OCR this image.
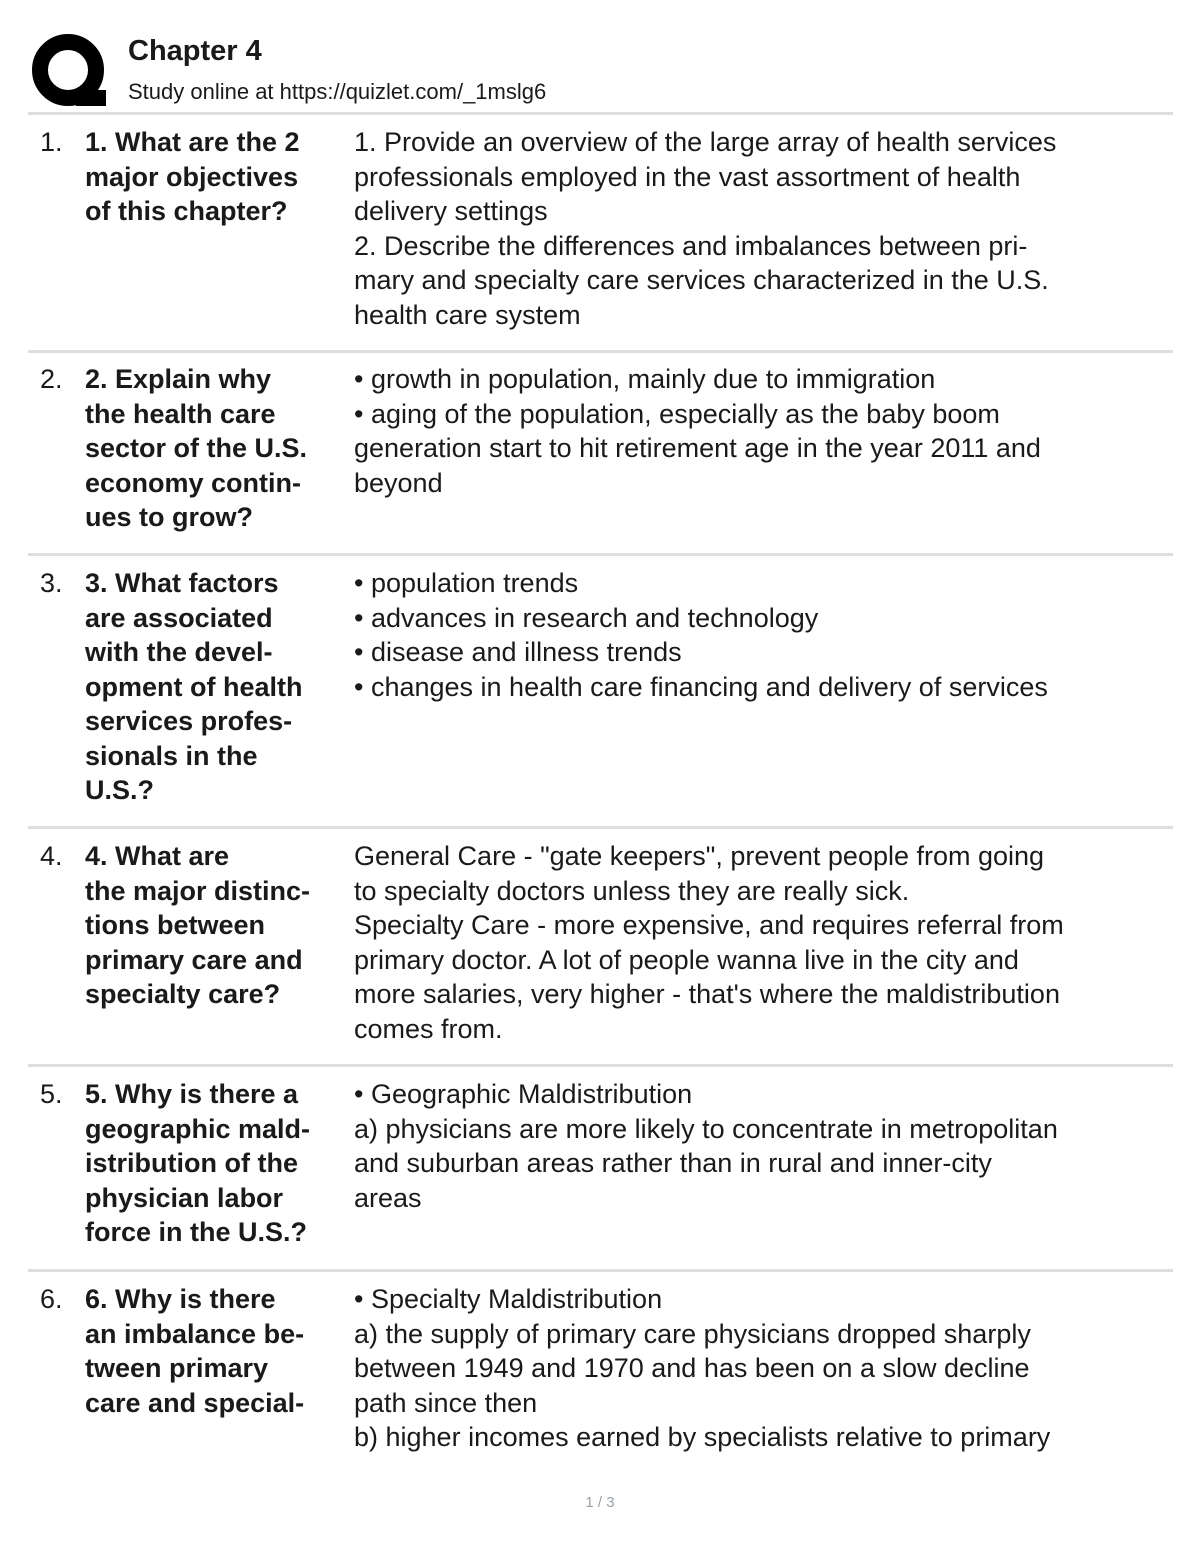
Chapter 4
Study online at https://quizlet.com/_1mslg6
1. 1. What are the 2
major objectives
of this chapter?
1. Provide an overview of the large array of health services
professionals employed in the vast assortment of health
delivery settings
2. Describe the differences and imbalances between pri-
mary and specialty care services characterized in the U.S.
health care system
2. 2. Explain why
the health care
sector of the U.S.
economy contin-
ues to grow?
• growth in population, mainly due to immigration
• aging of the population, especially as the baby boom
generation start to hit retirement age in the year 2011 and
beyond
3. 3. What factors
are associated
with the devel-
opment of health
services profes-
sionals in the
U.S.?
• population trends
• advances in research and technology
• disease and illness trends
• changes in health care financing and delivery of services
4. 4. What are
the major distinc-
tions between
primary care and
specialty care?
General Care - "gate keepers", prevent people from going
to specialty doctors unless they are really sick.
Specialty Care - more expensive, and requires referral from
primary doctor. A lot of people wanna live in the city and
more salaries, very higher - that's where the maldistribution
comes from.
5. 5. Why is there a
geographic mald-
istribution of the
physician labor
force in the U.S.?
• Geographic Maldistribution
a) physicians are more likely to concentrate in metropolitan
and suburban areas rather than in rural and inner-city
areas
6. 6. Why is there
an imbalance be-
tween primary
care and special-
• Specialty Maldistribution
a) the supply of primary care physicians dropped sharply
between 1949 and 1970 and has been on a slow decline
path since then
b) higher incomes earned by specialists relative to primary
1 / 3
